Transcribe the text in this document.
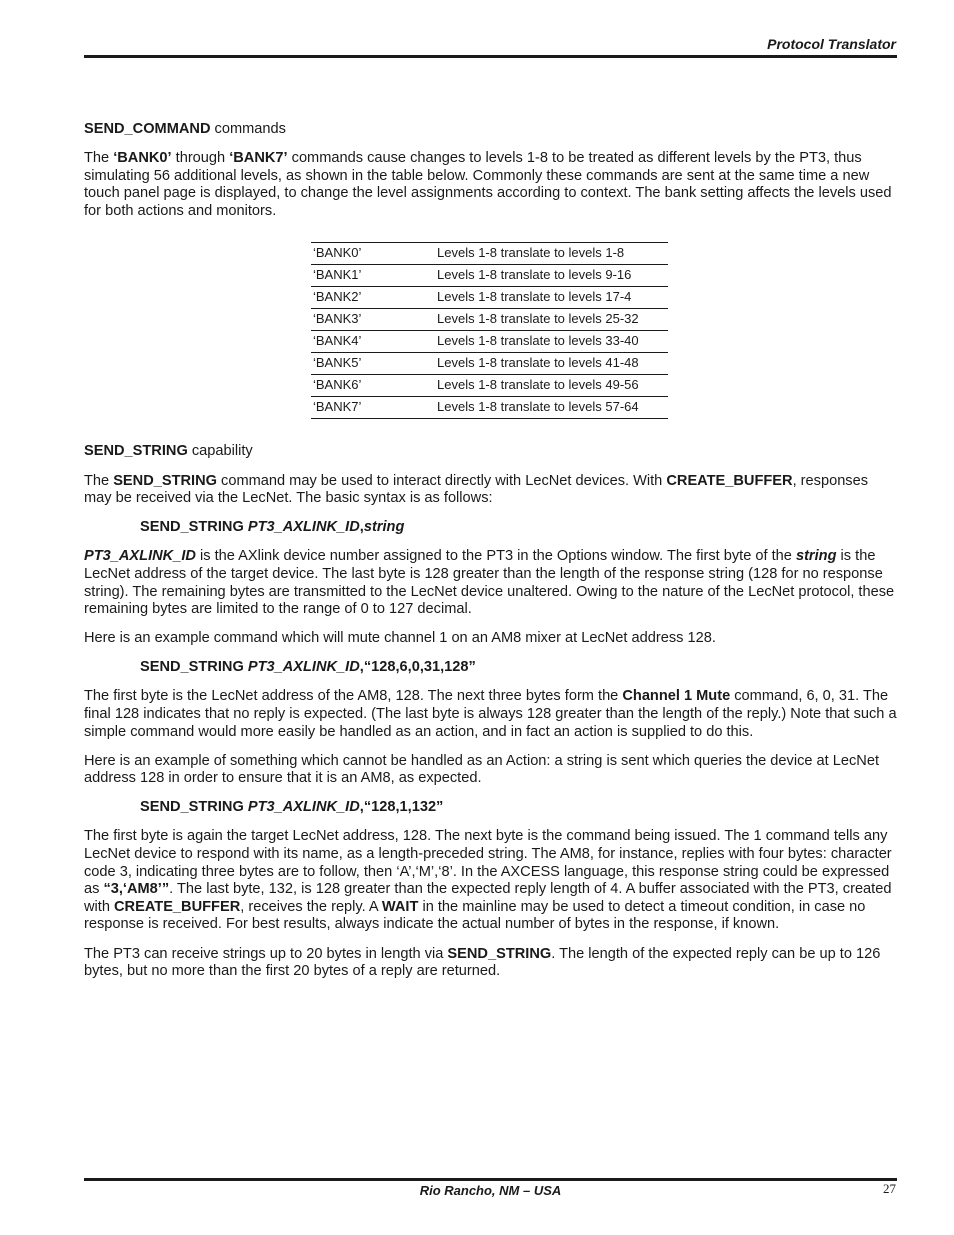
Protocol Translator
SEND_COMMAND commands

The ‘BANK0’ through ‘BANK7’ commands cause changes to levels 1-8 to be treated as different levels by the PT3, thus simulating 56 additional levels, as shown in the table below. Commonly these commands are sent at the same time a new touch panel page is displayed, to change the level assignments according to context. The bank setting affects the levels used for both actions and monitors.

‘BANK0’	Levels 1-8 translate to levels 1-8
‘BANK1’	Levels 1-8 translate to levels 9-16
‘BANK2’	Levels 1-8 translate to levels 17-4
‘BANK3’	Levels 1-8 translate to levels 25-32
‘BANK4’	Levels 1-8 translate to levels 33-40
‘BANK5’	Levels 1-8 translate to levels 41-48
‘BANK6’	Levels 1-8 translate to levels 49-56
‘BANK7’	Levels 1-8 translate to levels 57-64
SEND_STRING capability

The SEND_STRING command may be used to interact directly with LecNet devices. With CREATE_BUFFER, responses may be received via the LecNet. The basic syntax is as follows:

SEND_STRING PT3_AXLINK_ID,string

PT3_AXLINK_ID is the AXlink device number assigned to the PT3 in the Options window. The first byte of the string is the LecNet address of the target device. The last byte is 128 greater than the length of the response string (128 for no response string). The remaining bytes are transmitted to the LecNet device unaltered. Owing to the nature of the LecNet protocol, these remaining bytes are limited to the range of 0 to 127 decimal.

Here is an example command which will mute channel 1 on an AM8 mixer at LecNet address 128.

SEND_STRING PT3_AXLINK_ID,“128,6,0,31,128”

The first byte is the LecNet address of the AM8, 128. The next three bytes form the Channel 1 Mute command, 6, 0, 31. The final 128 indicates that no reply is expected. (The last byte is always 128 greater than the length of the reply.) Note that such a simple command would more easily be handled as an action, and in fact an action is supplied to do this.

Here is an example of something which cannot be handled as an Action: a string is sent which queries the device at LecNet address 128 in order to ensure that it is an AM8, as expected.

SEND_STRING PT3_AXLINK_ID,“128,1,132”

The first byte is again the target LecNet address, 128. The next byte is the command being issued. The 1 command tells any LecNet device to respond with its name, as a length-preceded string. The AM8, for instance, replies with four bytes: character code 3, indicating three bytes are to follow, then ‘A’,‘M’,‘8’. In the AXCESS language, this response string could be expressed as “3,‘AM8’”. The last byte, 132, is 128 greater than the expected reply length of 4. A buffer associated with the PT3, created with CREATE_BUFFER, receives the reply. A WAIT in the mainline may be used to detect a timeout condition, in case no response is received. For best results, always indicate the actual number of bytes in the response, if known.

The PT3 can receive strings up to 20 bytes in length via SEND_STRING. The length of the expected reply can be up to 126 bytes, but no more than the first 20 bytes of a reply are returned.

Rio Rancho, NM – USA	27
